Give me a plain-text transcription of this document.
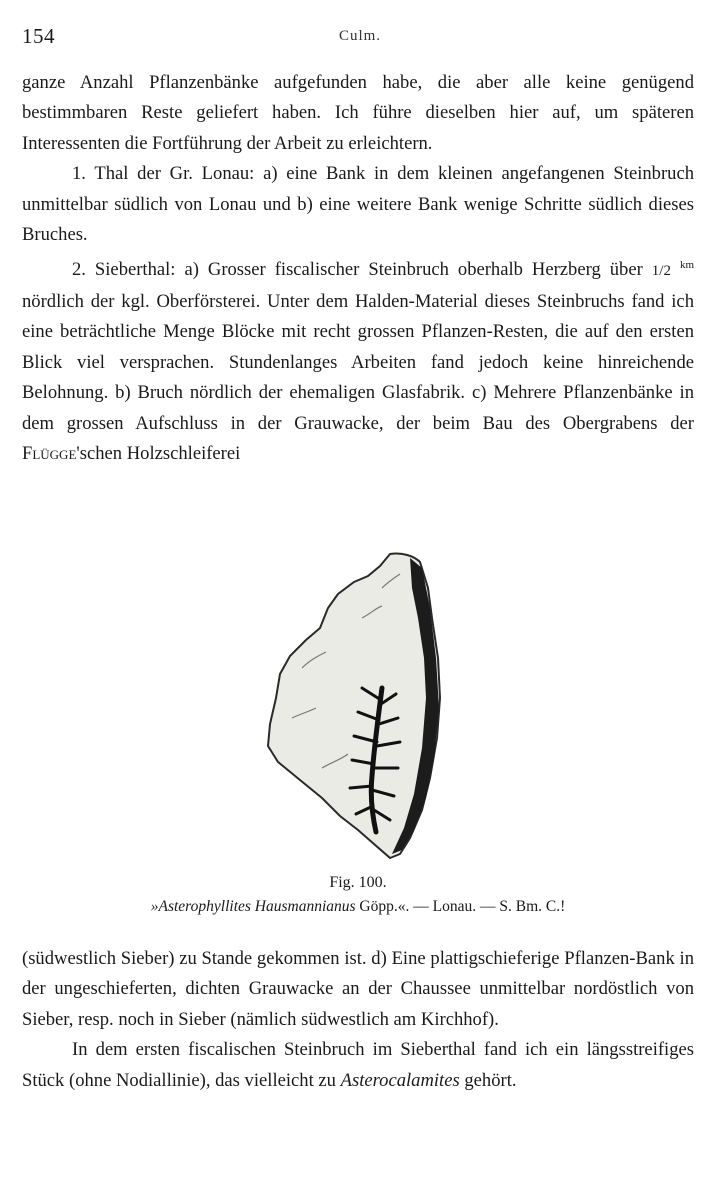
154	Culm.

ganze Anzahl Pflanzenbänke aufgefunden habe, die aber alle keine genügend bestimmbaren Reste geliefert haben. Ich führe dieselben hier auf, um späteren Interessenten die Fortführung der Arbeit zu erleichtern.

1. Thal der Gr. Lonau: a) eine Bank in dem kleinen angefangenen Steinbruch unmittelbar südlich von Lonau und b) eine weitere Bank wenige Schritte südlich dieses Bruches.

2. Sieberthal: a) Grosser fiscalischer Steinbruch oberhalb Herzberg über 1/2 $^{km}$ nördlich der kgl. Oberförsterei. Unter dem Halden-Material dieses Steinbruchs fand ich eine beträchtliche Menge Blöcke mit recht grossen Pflanzen-Resten, die auf den ersten Blick viel versprachen. Stundenlanges Arbeiten fand jedoch keine hinreichende Belohnung. b) Bruch nördlich der ehemaligen Glasfabrik. c) Mehrere Pflanzenbänke in dem grossen Aufschluss in der Grauwacke, der beim Bau des Obergrabens der Flügge'schen Holzschleiferei

Fig. 100.
»Asterophyllites Hausmannianus Göpp.«. — Lonau. — S. Bm. C.!

(südwestlich Sieber) zu Stande gekommen ist. d) Eine plattigschieferige Pflanzen-Bank in der ungeschieferten, dichten Grauwacke an der Chaussee unmittelbar nordöstlich von Sieber, resp. noch in Sieber (nämlich südwestlich am Kirchhof).

In dem ersten fiscalischen Steinbruch im Sieberthal fand ich ein längsstreifiges Stück (ohne Nodiallinie), das vielleicht zu Asterocalamites gehört.
